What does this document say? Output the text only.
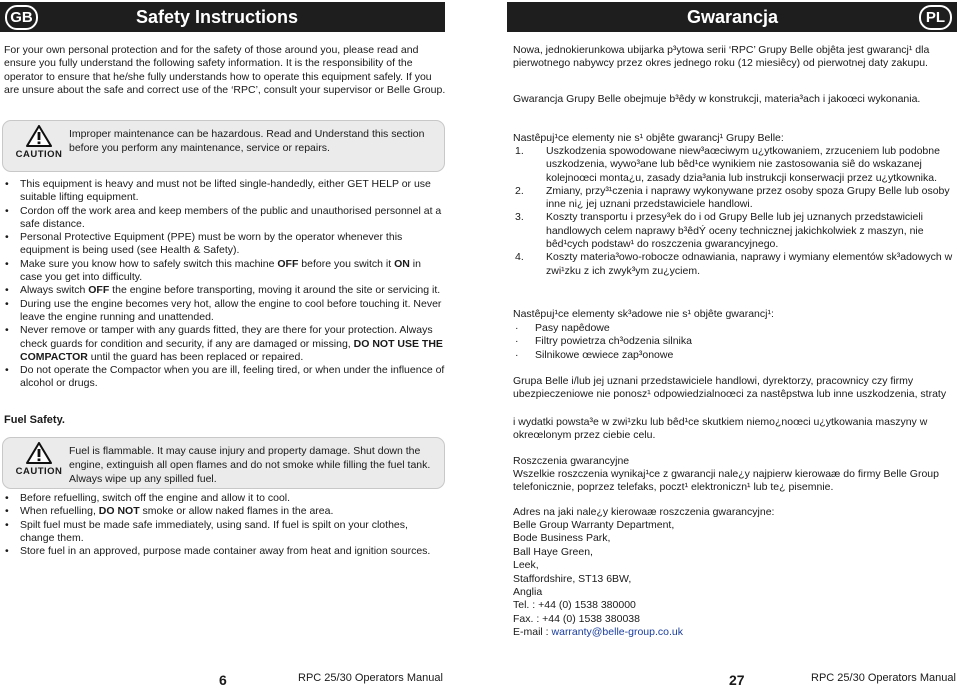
GB	Safety Instructions
For your own personal protection and for the safety of those around you, please read and ensure you fully understand the following safety information. It is the responsibility of the operator to ensure that he/she fully understands how to operate this equipment safely. If you are unsure about the safe and correct use of the ‘RPC’, consult your supervisor or Belle Group.
CAUTION
Improper maintenance can be hazardous. Read and Understand this section before you perform any maintenance, service or repairs.
• This equipment is heavy and must not be lifted single-handedly, either GET HELP or use suitable lifting equipment.
• Cordon off the work area and keep members of the public and unauthorised personnel at a safe distance.
• Personal Protective Equipment (PPE) must be worn by the operator whenever this equipment is being used (see Health & Safety).
• Make sure you know how to safely switch this machine OFF before you switch it ON in case you get into difficulty.
• Always switch OFF the engine before transporting, moving it around the site or servicing it.
• During use the engine becomes very hot, allow the engine to cool before touching it. Never leave the engine running and unattended.
• Never remove or tamper with any guards fitted, they are there for your protection. Always check guards for condition and security, if any are damaged or missing, DO NOT USE THE COMPACTOR until the guard has been replaced or repaired.
• Do not operate the Compactor when you are ill, feeling tired, or when under the influence of alcohol or drugs.
Fuel Safety.
CAUTION
Fuel is flammable. It may cause injury and property damage. Shut down the engine, extinguish all open flames and do not smoke while filling the fuel tank. Always wipe up any spilled fuel.
• Before refuelling, switch off the engine and allow it to cool.
• When refuelling, DO NOT smoke or allow naked flames in the area.
• Spilt fuel must be made safe immediately, using sand. If fuel is spilt on your clothes, change them.
• Store fuel in an approved, purpose made container away from heat and ignition sources.
6	RPC 25/30 Operators Manual
Gwarancja	PL
Nowa, jednokierunkowa ubijarka p³ytowa serii ‘RPC’ Grupy Belle objêta jest gwarancj¹ dla pierwotnego nabywcy przez okres jednego roku (12 miesiêcy) od pierwotnej daty zakupu.
Gwarancja Grupy Belle obejmuje b³êdy w konstrukcji, materia³ach i jakoœci wykonania.
Nastêpuj¹ce elementy nie s¹ objête gwarancj¹ Grupy Belle:
1. Uszkodzenia spowodowane niew³aœciwym u¿ytkowaniem, zrzuceniem lub podobne uszkodzenia, wywo³ane lub bêd¹ce wynikiem nie zastosowania siê do wskazanej kolejnoœci monta¿u, zasady dzia³ania lub instrukcji konserwacji przez u¿ytkownika.
2. Zmiany, przy³¹czenia i naprawy wykonywane przez osoby spoza Grupy Belle lub osoby inne ni¿ jej uznani przedstawiciele handlowi.
3. Koszty transportu i przesy³ek do i od Grupy Belle lub jej uznanych przedstawicieli handlowych celem naprawy b³êdÝ oceny technicznej jakichkolwiek z maszyn, nie bêd¹cych podstaw¹ do roszczenia gwarancyjnego.
4. Koszty materia³owo-robocze odnawiania, naprawy i wymiany elementów sk³adowych w zwi¹zku z ich zwyk³ym zu¿yciem.
Nastêpuj¹ce elementy sk³adowe nie s¹ objête gwarancj¹:
· Pasy napêdowe
· Filtry powietrza ch³odzenia silnika
· Silnikowe œwiece zap³onowe
Grupa Belle i/lub jej uznani przedstawiciele handlowi, dyrektorzy, pracownicy czy firmy ubezpieczeniowe nie ponosz¹ odpowiedzialnoœci za nastêpstwa lub inne uszkodzenia, straty
i wydatki powsta³e w zwi¹zku lub bêd¹ce skutkiem niemo¿noœci u¿ytkowania maszyny w okreœlonym przez ciebie celu.
Roszczenia gwarancyjne
Wszelkie roszczenia wynikaj¹ce z gwarancji nale¿y najpierw kierowaæ do firmy Belle Group telefonicznie, poprzez telefaks, poczt¹ elektroniczn¹ lub te¿ pisemnie.
Adres na jaki nale¿y kierowaæ roszczenia gwarancyjne:
Belle Group Warranty Department,
Bode Business Park,
Ball Haye Green,
Leek,
Staffordshire, ST13 6BW,
Anglia
Tel. : +44 (0) 1538 380000
Fax. : +44 (0) 1538 380038
E-mail : warranty@belle-group.co.uk
27	RPC 25/30 Operators Manual
